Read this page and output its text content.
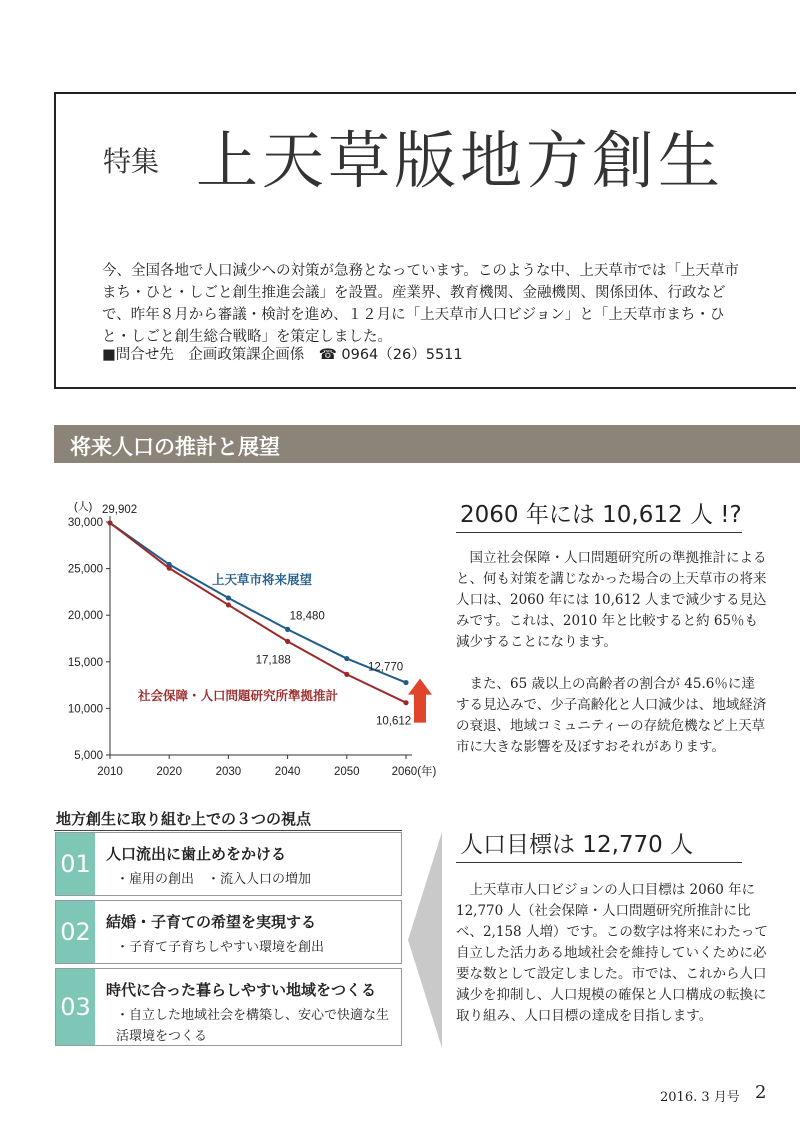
特集 上天草版地方創生
今、全国各地で人口減少への対策が急務となっています。このような中、上天草市では「上天草市まち・ひと・しごと創生推進会議」を設置。産業界、教育機関、金融機関、関係団体、行政などで、昨年８月から審議・検討を進め、１２月に「上天草市人口ビジョン」と「上天草市まち・ひと・しごと創生総合戦略」を策定しました。
■問合せ先　企画政策課企画係　☎ 0964（26）5511
将来人口の推計と展望
5,000
10,000
15,000
20,000
25,000
30,000
(人)
2010	2020	2030	2040	2050	2060(年)
上天草市将来展望
社会保障・人口問題研究所準拠推計
29,902
18,480
17,188
12,770
10,612
2060 年には 10,612 人 !?
国立社会保障・人口問題研究所の準拠推計によると、何も対策を講じなかった場合の上天草市の将来人口は、2060 年には 10,612 人まで減少する見込みです。これは、2010 年と比較すると約 65％も減少することになります。
また、65 歳以上の高齢者の割合が 45.6％に達する見込みで、少子高齢化と人口減少は、地域経済の衰退、地域コミュニティーの存続危機など上天草市に大きな影響を及ぼすおそれがあります。
地方創生に取り組む上での３つの視点
01 人口流出に歯止めをかける
・雇用の創出　・流入人口の増加
02 結婚・子育ての希望を実現する
・子育て子育ちしやすい環境を創出
03
時代に合った暮らしやすい地域をつくる
・自立した地域社会を構築し、安心で快適な生活環境をつくる
人口目標は 12,770 人
上天草市人口ビジョンの人口目標は 2060 年に 12,770 人（社会保障・人口問題研究所推計に比べ、2,158 人増）です。この数字は将来にわたって自立した活力ある地域社会を維持していくために必要な数として設定しました。市では、これから人口減少を抑制し、人口規模の確保と人口構成の転換に取り組み、人口目標の達成を目指します。
2016. 3 月号 2
